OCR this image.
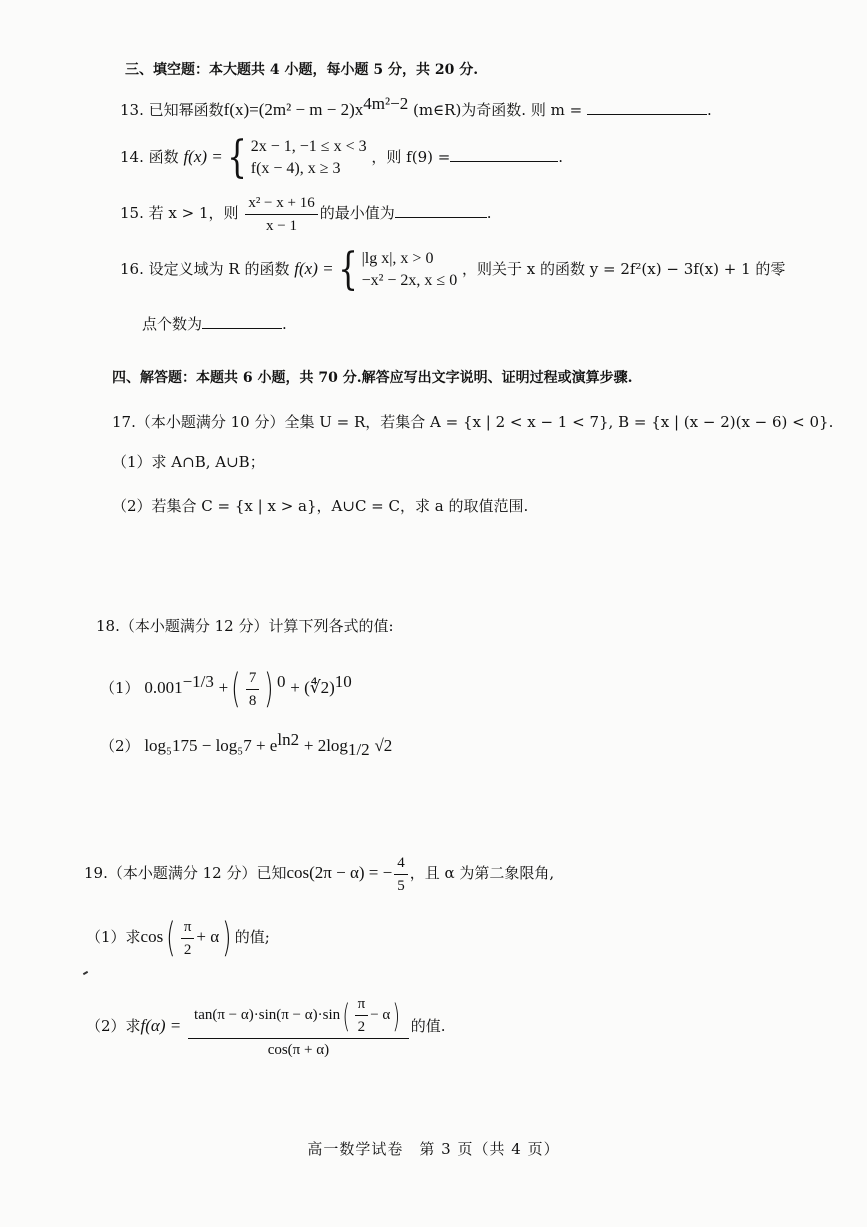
三、填空题：本大题共 4 小题，每小题 5 分，共 20 分.
13. 已知幂函数$f(x)=(2m^2 - m - 2)x^{4m^2-2}$ (m∈R)为奇函数. 则 m =	.
14. 函数 f(x) ={ 2x − 1, −1 ≤ x < 3
f(x − 4), x ≥ 3
，则 f(9) =	.
15. 若 x > 1，则 $\frac{\text{x² − x + 16}}{x - 1}$ 的最小值为	.
16. 设定义域为 R 的函数 f(x) ={ |lg x|, x > 0
−x² − 2x, x ≤ 0
，则关于 x 的函数 y = 2f²(x) − 3f(x) + 1 的零
点个数为	.
四、解答题：本题共 6 小题，共 70 分.解答应写出文字说明、证明过程或演算步骤.
17.（本小题满分 10 分）全集 U = R，若集合 A = {x | 2 < x − 1 < 7}, B = {x | (x − 2)(x − 6) < 0}.
（1）求 A∩B, A∪B；
（2）若集合 C = {x | x > a}，A∪C = C，求 a 的取值范围.
18.（本小题满分 12 分）计算下列各式的值:
（1） $0.001^{-1/3}$ +( $\frac{7}{8}$ ) $^0$ + (∜2)$^{10}$
（2） $\log_5175 - \log_57 + e^{ln2} + 2\log_{1/2}$ √2
19.（本小题满分 12 分）已知cos(2π − α) = − $\frac{4}{5}$ ，且 α 为第二象限角,
（1）求$\cos( \frac{\pi}{2} + \alpha)$ 的值;
（2）求$f(\alpha) = \frac{\tan(\pi - \alpha)\cdot\sin(\pi - \alpha)\cdot\sin( \frac{\pi}{2} - \alpha)}{\cos(\pi + \alpha)}$ 的值.
高一数学试卷　第 3 页（共 4 页）
